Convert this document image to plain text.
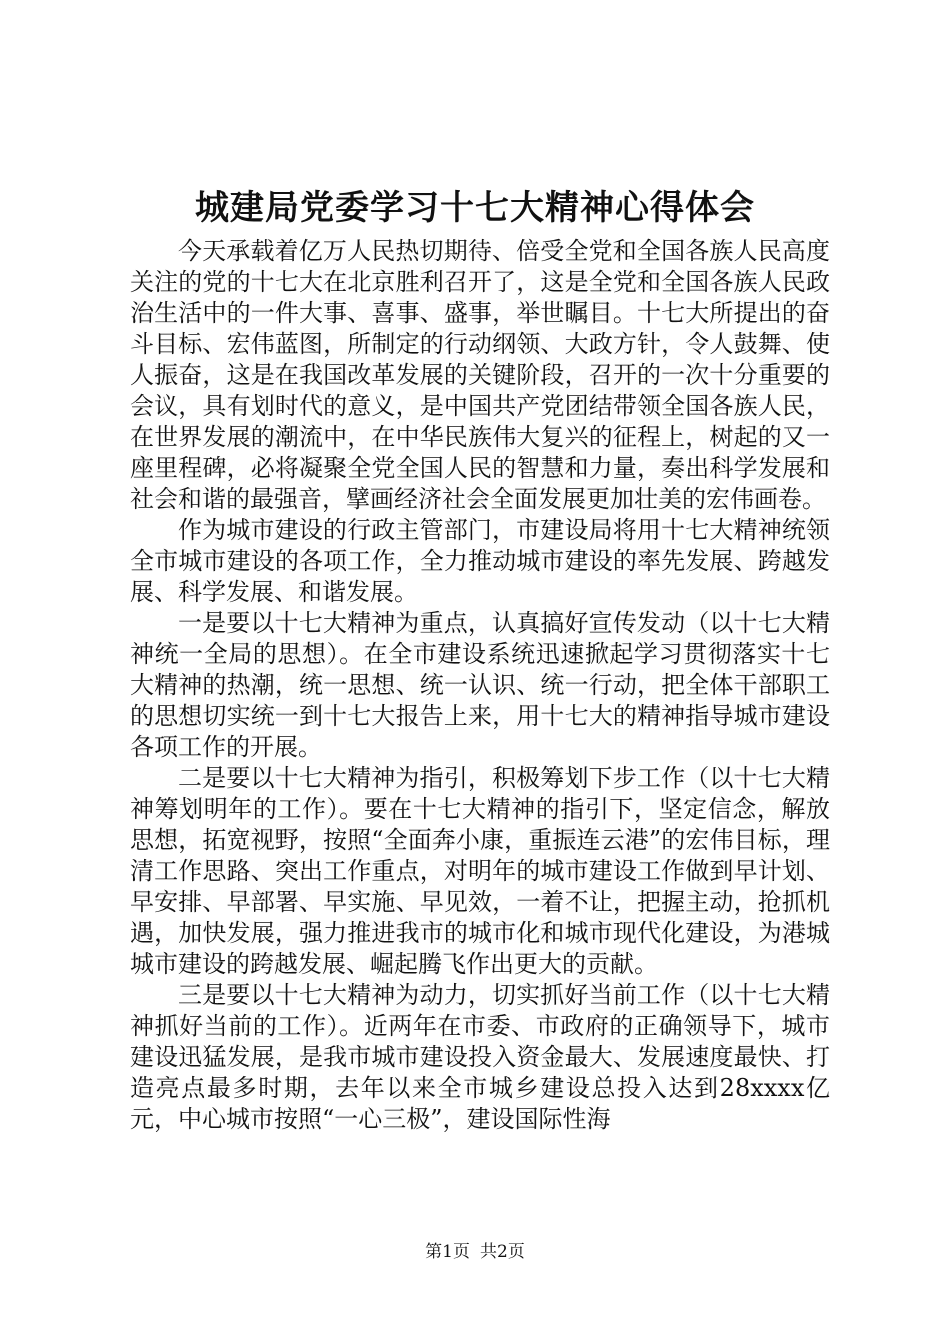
城建局党委学习十七大精神心得体会

今天承载着亿万人民热切期待、倍受全党和全国各族人民高度关注的党的十七大在北京胜利召开了，这是全党和全国各族人民政治生活中的一件大事、喜事、盛事，举世瞩目。十七大所提出的奋斗目标、宏伟蓝图，所制定的行动纲领、大政方针，令人鼓舞、使人振奋，这是在我国改革发展的关键阶段，召开的一次十分重要的会议，具有划时代的意义，是中国共产党团结带领全国各族人民，在世界发展的潮流中，在中华民族伟大复兴的征程上，树起的又一座里程碑，必将凝聚全党全国人民的智慧和力量，奏出科学发展和社会和谐的最强音，擘画经济社会全面发展更加壮美的宏伟画卷。

作为城市建设的行政主管部门，市建设局将用十七大精神统领全市城市建设的各项工作，全力推动城市建设的率先发展、跨越发展、科学发展、和谐发展。

一是要以十七大精神为重点，认真搞好宣传发动（以十七大精神统一全局的思想）。在全市建设系统迅速掀起学习贯彻落实十七大精神的热潮，统一思想、统一认识、统一行动，把全体干部职工的思想切实统一到十七大报告上来，用十七大的精神指导城市建设各项工作的开展。

二是要以十七大精神为指引，积极筹划下步工作（以十七大精神筹划明年的工作）。要在十七大精神的指引下，坚定信念，解放思想，拓宽视野，按照“全面奔小康，重振连云港”的宏伟目标，理清工作思路、突出工作重点，对明年的城市建设工作做到早计划、早安排、早部署、早实施、早见效，一着不让，把握主动，抢抓机遇，加快发展，强力推进我市的城市化和城市现代化建设，为港城城市建设的跨越发展、崛起腾飞作出更大的贡献。

三是要以十七大精神为动力，切实抓好当前工作（以十七大精神抓好当前的工作）。近两年在市委、市政府的正确领导下，城市建设迅猛发展，是我市城市建设投入资金最大、发展速度最快、打造亮点最多时期，去年以来全市城乡建设总投入达到28xxxx亿元，中心城市按照“一心三极”，建设国际性海

第1页 共2页
